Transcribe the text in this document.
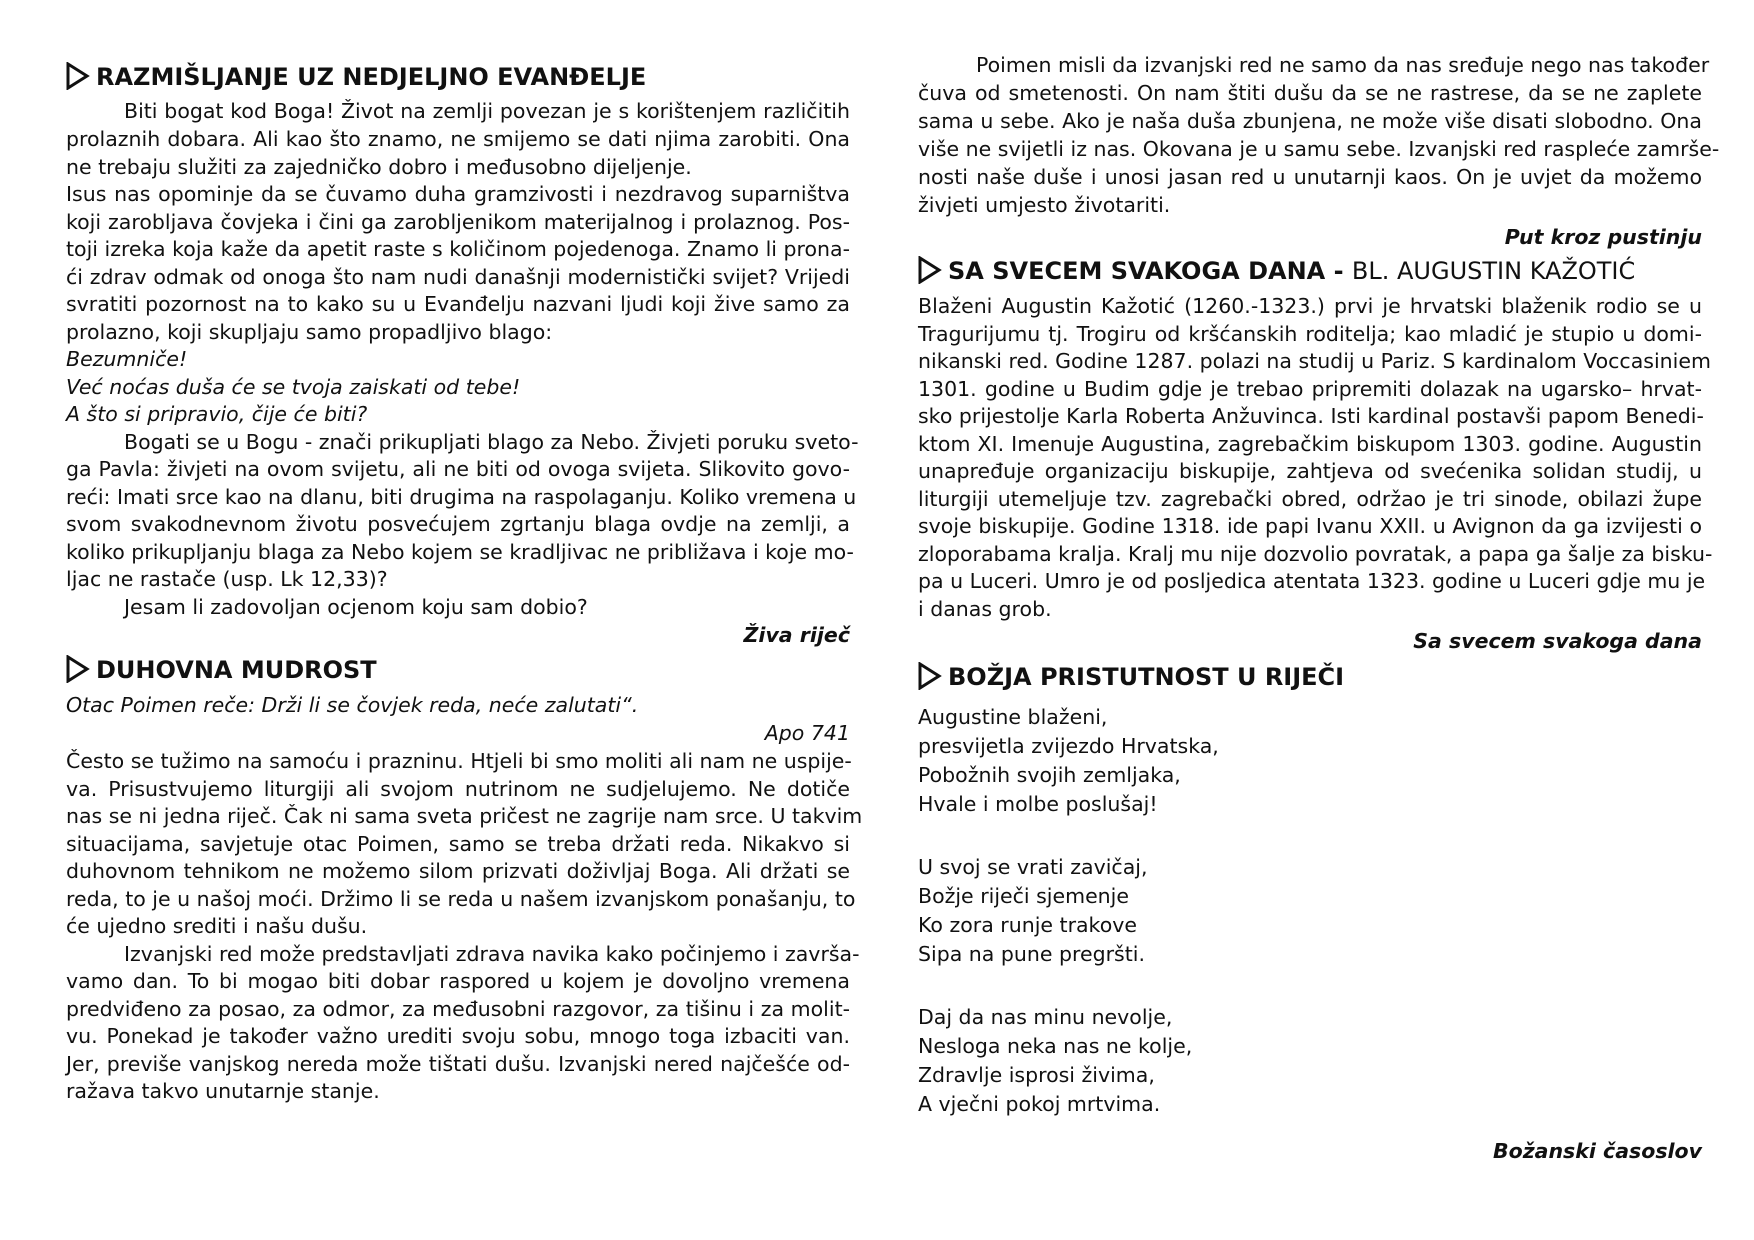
RAZMIŠLJANJE UZ NEDJELJNO EVANĐELJE
Biti bogat kod Boga! Život na zemlji povezan je s korištenjem različitih
prolaznih dobara. Ali kao što znamo, ne smijemo se dati njima zarobiti. Ona
ne trebaju služiti za zajedničko dobro i međusobno dijeljenje.
Isus nas opominje da se čuvamo duha gramzivosti i nezdravog suparništva
koji zarobljava čovjeka i čini ga zarobljenikom materijalnog i prolaznog. Pos-
toji izreka koja kaže da apetit raste s količinom pojedenoga. Znamo li prona-
ći zdrav odmak od onoga što nam nudi današnji modernistički svijet? Vrijedi
svratiti pozornost na to kako su u Evanđelju nazvani ljudi koji žive samo za
prolazno, koji skupljaju samo propadljivo blago:
Bezumniče!
Već noćas duša će se tvoja zaiskati od tebe!
A što si pripravio, čije će biti?
Bogati se u Bogu - znači prikupljati blago za Nebo. Živjeti poruku sveto-
ga Pavla: živjeti na ovom svijetu, ali ne biti od ovoga svijeta. Slikovito govo-
reći: Imati srce kao na dlanu, biti drugima na raspolaganju. Koliko vremena u
svom svakodnevnom životu posvećujem zgrtanju blaga ovdje na zemlji, a
koliko prikupljanju blaga za Nebo kojem se kradljivac ne približava i koje mo-
ljac ne rastače (usp. Lk 12,33)?
Jesam li zadovoljan ocjenom koju sam dobio?
Živa riječ
DUHOVNA MUDROST
Otac Poimen reče: Drži li se čovjek reda, neće zalutati“.
Apo 741
Često se tužimo na samoću i prazninu. Htjeli bi smo moliti ali nam ne uspije-
va. Prisustvujemo liturgiji ali svojom nutrinom ne sudjelujemo. Ne dotiče
nas se ni jedna riječ. Čak ni sama sveta pričest ne zagrije nam srce. U takvim
situacijama, savjetuje otac Poimen, samo se treba držati reda. Nikakvo si
duhovnom tehnikom ne možemo silom prizvati doživljaj Boga. Ali držati se
reda, to je u našoj moći. Držimo li se reda u našem izvanjskom ponašanju, to
će ujedno srediti i našu dušu.
Izvanjski red može predstavljati zdrava navika kako počinjemo i završa-
vamo dan. To bi mogao biti dobar raspored u kojem je dovoljno vremena
predviđeno za posao, za odmor, za međusobni razgovor, za tišinu i za molit-
vu. Ponekad je također važno urediti svoju sobu, mnogo toga izbaciti van.
Jer, previše vanjskog nereda može tištati dušu. Izvanjski nered najčešće od-
ražava takvo unutarnje stanje.
Poimen misli da izvanjski red ne samo da nas sređuje nego nas također
čuva od smetenosti. On nam štiti dušu da se ne rastrese, da se ne zaplete
sama u sebe. Ako je naša duša zbunjena, ne može više disati slobodno. Ona
više ne svijetli iz nas. Okovana je u samu sebe. Izvanjski red raspleće zamrše-
nosti naše duše i unosi jasan red u unutarnji kaos. On je uvjet da možemo
živjeti umjesto životariti.
Put kroz pustinju
SA SVECEM SVAKOGA DANA - BL. AUGUSTIN KAŽOTIĆ
Blaženi Augustin Kažotić (1260.-1323.) prvi je hrvatski blaženik rodio se u
Tragurijumu tj. Trogiru od kršćanskih roditelja; kao mladić je stupio u domi-
nikanski red. Godine 1287. polazi na studij u Pariz. S kardinalom Voccasiniem
1301. godine u Budim gdje je trebao pripremiti dolazak na ugarsko– hrvat-
sko prijestolje Karla Roberta Anžuvinca. Isti kardinal postavši papom Benedi-
ktom XI. Imenuje Augustina, zagrebačkim biskupom 1303. godine. Augustin
unapređuje organizaciju biskupije, zahtjeva od svećenika solidan studij, u
liturgiji utemeljuje tzv. zagrebački obred, održao je tri sinode, obilazi župe
svoje biskupije. Godine 1318. ide papi Ivanu XXII. u Avignon da ga izvijesti o
zloporabama kralja. Kralj mu nije dozvolio povratak, a papa ga šalje za bisku-
pa u Luceri. Umro je od posljedica atentata 1323. godine u Luceri gdje mu je
i danas grob.
Sa svecem svakoga dana
BOŽJA PRISTUTNOST U RIJEČI
Augustine blaženi,
presvijetla zvijezdo Hrvatska,
Pobožnih svojih zemljaka,
Hvale i molbe poslušaj!
U svoj se vrati zavičaj,
Božje riječi sjemenje
Ko zora runje trakove
Sipa na pune pregršti.
Daj da nas minu nevolje,
Nesloga neka nas ne kolje,
Zdravlje isprosi živima,
A vječni pokoj mrtvima.
Božanski časoslov
